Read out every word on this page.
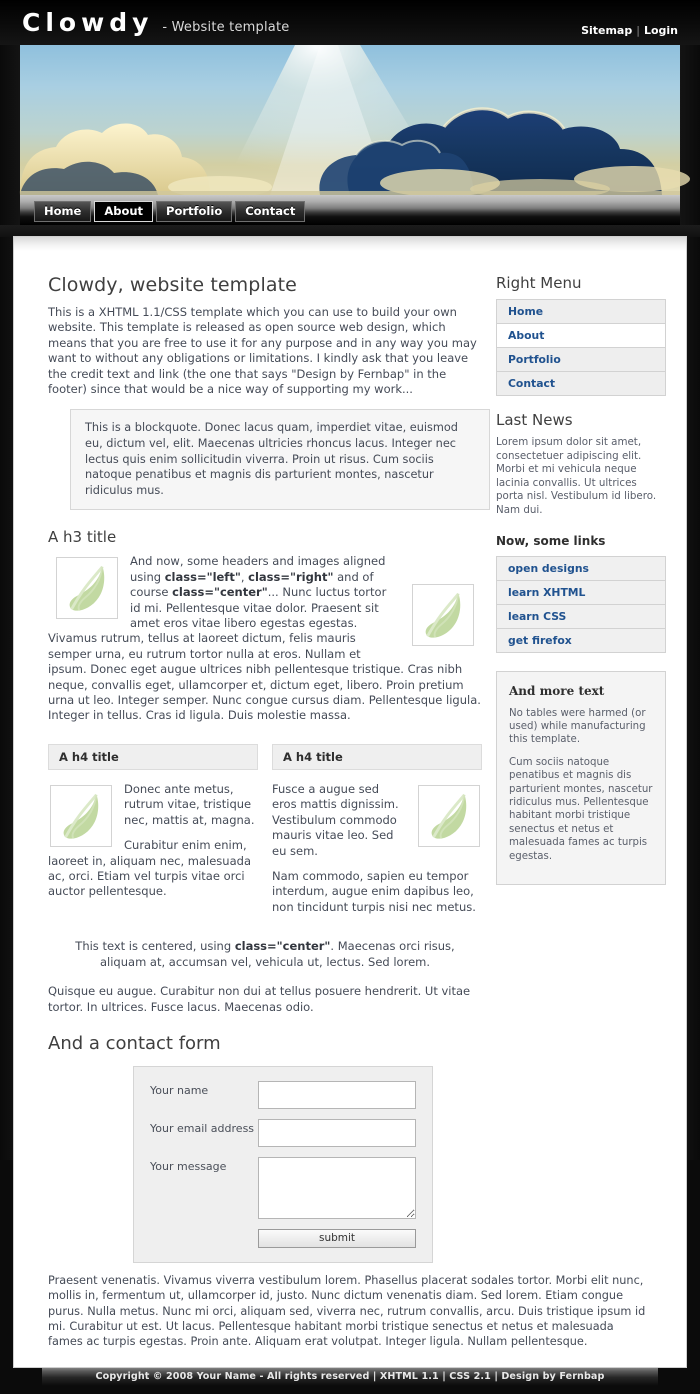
Clowdy - Website template	Sitemap | Login
Home	About	Portfolio	Contact
Clowdy, website template

This is a XHTML 1.1/CSS template which you can use to build your own website. This template is released as open source web design, which means that you are free to use it for any purpose and in any way you may want to without any obligations or limitations. I kindly ask that you leave the credit text and link (the one that says "Design by Fernbap" in the footer) since that would be a nice way of supporting my work...

This is a blockquote. Donec lacus quam, imperdiet vitae, euismod eu, dictum vel, elit. Maecenas ultricies rhoncus lacus. Integer nec lectus quis enim sollicitudin viverra. Proin ut risus. Cum sociis natoque penatibus et magnis dis parturient montes, nascetur ridiculus mus.

A h3 title

And now, some headers and images aligned using class="left", class="right" and of course class="center"... Nunc luctus tortor id mi. Pellentesque vitae dolor. Praesent sit amet eros vitae libero egestas egestas. Vivamus rutrum, tellus at laoreet dictum, felis mauris semper urna, eu rutrum tortor nulla at eros. Nullam et ipsum. Donec eget augue ultrices nibh pellentesque tristique. Cras nibh neque, convallis eget, ullamcorper et, dictum eget, libero. Proin pretium urna ut leo. Integer semper. Nunc congue cursus diam. Pellentesque ligula. Integer in tellus. Cras id ligula. Duis molestie massa.

A h4 title

Donec ante metus, rutrum vitae, tristique nec, mattis at, magna.

Curabitur enim enim, laoreet in, aliquam nec, malesuada ac, orci. Etiam vel turpis vitae orci auctor pellentesque.

A h4 title

Fusce a augue sed eros mattis dignissim. Vestibulum commodo mauris vitae leo. Sed eu sem.

Nam commodo, sapien eu tempor interdum, augue enim dapibus leo, non tincidunt turpis nisi nec metus.

This text is centered, using class="center". Maecenas orci risus, aliquam at, accumsan vel, vehicula ut, lectus. Sed lorem.

Quisque eu augue. Curabitur non dui at tellus posuere hendrerit. Ut vitae tortor. In ultrices. Fusce lacus. Maecenas odio.

And a contact form
Your name
Your email address
Your message
submit
Right Menu
Home
About
Portfolio
Contact
Last News

Lorem ipsum dolor sit amet, consectetuer adipiscing elit. Morbi et mi vehicula neque lacinia convallis. Ut ultrices porta nisl. Vestibulum id libero. Nam dui.

Now, some links
open designs
learn XHTML
learn CSS
get firefox
And more text

No tables were harmed (or used) while manufacturing this template.

Cum sociis natoque penatibus et magnis dis parturient montes, nascetur ridiculus mus. Pellentesque habitant morbi tristique senectus et netus et malesuada fames ac turpis egestas.

Praesent venenatis. Vivamus viverra vestibulum lorem. Phasellus placerat sodales tortor. Morbi elit nunc, mollis in, fermentum ut, ullamcorper id, justo. Nunc dictum venenatis diam. Sed lorem. Etiam congue purus. Nulla metus. Nunc mi orci, aliquam sed, viverra nec, rutrum convallis, arcu. Duis tristique ipsum id mi. Curabitur ut est. Ut lacus. Pellentesque habitant morbi tristique senectus et netus et malesuada fames ac turpis egestas. Proin ante. Aliquam erat volutpat. Integer ligula. Nullam pellentesque.

Copyright © 2008 Your Name - All rights reserved | XHTML 1.1 | CSS 2.1 | Design by Fernbap
